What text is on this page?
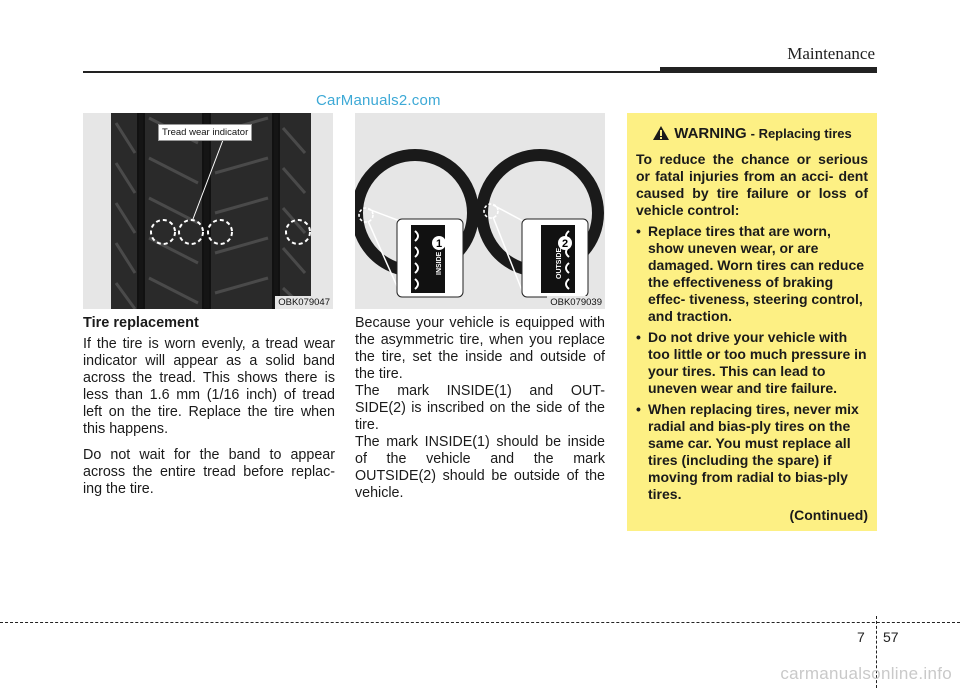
Maintenance
CarManuals2.com
Tread wear indicator
OBK079047
INSIDE	OUTSIDE
1	2
OBK079039
Tire replacement

If the tire is worn evenly, a tread wear indicator will appear as a solid band across the tread. This shows there is less than 1.6 mm (1/16 inch) of tread left on the tire. Replace the tire when this happens.

Do not wait for the band to appear across the entire tread before replac- ing the tire.

Because your vehicle is equipped with the asymmetric tire, when you replace the tire, set the inside and outside of the tire.

The mark INSIDE(1) and OUT- SIDE(2) is inscribed on the side of the tire.

The mark INSIDE(1) should be inside of the vehicle and the mark OUTSIDE(2) should be outside of the vehicle.

WARNING - Replacing tires
To reduce the chance or serious or fatal injuries from an acci- dent caused by tire failure or loss of vehicle control:
• Replace tires that are worn, show uneven wear, or are damaged. Worn tires can reduce the effectiveness of braking effec- tiveness, steering control, and traction.
• Do not drive your vehicle with too little or too much pressure in your tires. This can lead to uneven wear and tire failure.
• When replacing tires, never mix radial and bias-ply tires on the same car. You must replace all tires (including the spare) if moving from radial to bias-ply tires.
(Continued)
7 57
carmanualsonline.info
